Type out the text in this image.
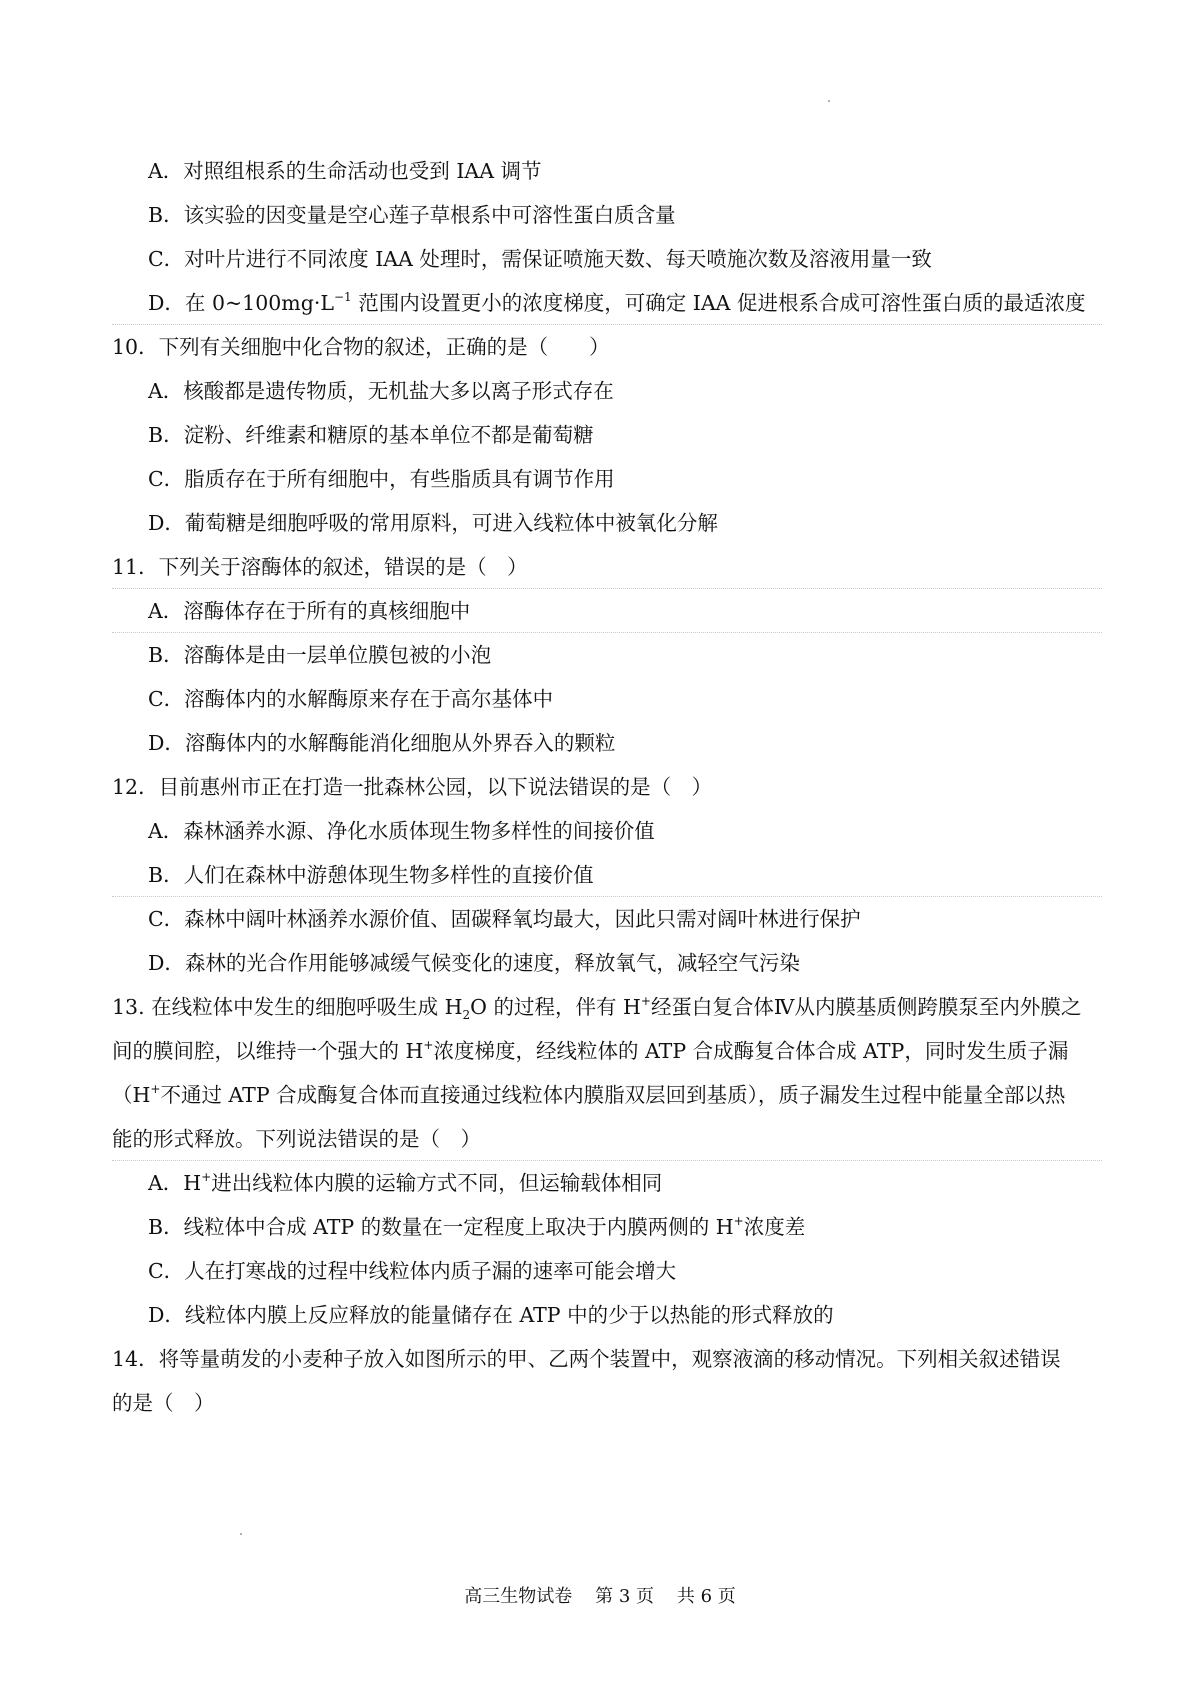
A．对照组根系的生命活动也受到 IAA 调节
B．该实验的因变量是空心莲子草根系中可溶性蛋白质含量
C．对叶片进行不同浓度 IAA 处理时，需保证喷施天数、每天喷施次数及溶液用量一致
D．在 $0\sim 100mg\cdot L^{-1}$ 范围内设置更小的浓度梯度，可确定 IAA 促进根系合成可溶性蛋白质的最适浓度
10．下列有关细胞中化合物的叙述，正确的是（　　）
A．核酸都是遗传物质，无机盐大多以离子形式存在
B．淀粉、纤维素和糖原的基本单位不都是葡萄糖
C．脂质存在于所有细胞中，有些脂质具有调节作用
D．葡萄糖是细胞呼吸的常用原料，可进入线粒体中被氧化分解
11．下列关于溶酶体的叙述，错误的是（　）
A．溶酶体存在于所有的真核细胞中
B．溶酶体是由一层单位膜包被的小泡
C．溶酶体内的水解酶原来存在于高尔基体中
D．溶酶体内的水解酶能消化细胞从外界吞入的颗粒
12．目前惠州市正在打造一批森林公园，以下说法错误的是（　）
A．森林涵养水源、净化水质体现生物多样性的间接价值
B．人们在森林中游憩体现生物多样性的直接价值
C．森林中阔叶林涵养水源价值、固碳释氧均最大，因此只需对阔叶林进行保护
D．森林的光合作用能够减缓气候变化的速度，释放氧气，减轻空气污染
13. 在线粒体中发生的细胞呼吸生成 $H_2O$ 的过程，伴有 H+经蛋白复合体Ⅳ从内膜基质侧跨膜泵至内外膜之
间的膜间腔，以维持一个强大的 H+浓度梯度，经线粒体的 ATP 合成酶复合体合成 ATP，同时发生质子漏
（H+不通过 ATP 合成酶复合体而直接通过线粒体内膜脂双层回到基质），质子漏发生过程中能量全部以热
能的形式释放。下列说法错误的是（　）
A．H+进出线粒体内膜的运输方式不同，但运输载体相同
B．线粒体中合成 ATP 的数量在一定程度上取决于内膜两侧的 H+浓度差
C．人在打寒战的过程中线粒体内质子漏的速率可能会增大
D．线粒体内膜上反应释放的能量储存在 ATP 中的少于以热能的形式释放的
14．将等量萌发的小麦种子放入如图所示的甲、乙两个装置中，观察液滴的移动情况。下列相关叙述错误
的是（　）
高三生物试卷 第 3 页 共 6 页
